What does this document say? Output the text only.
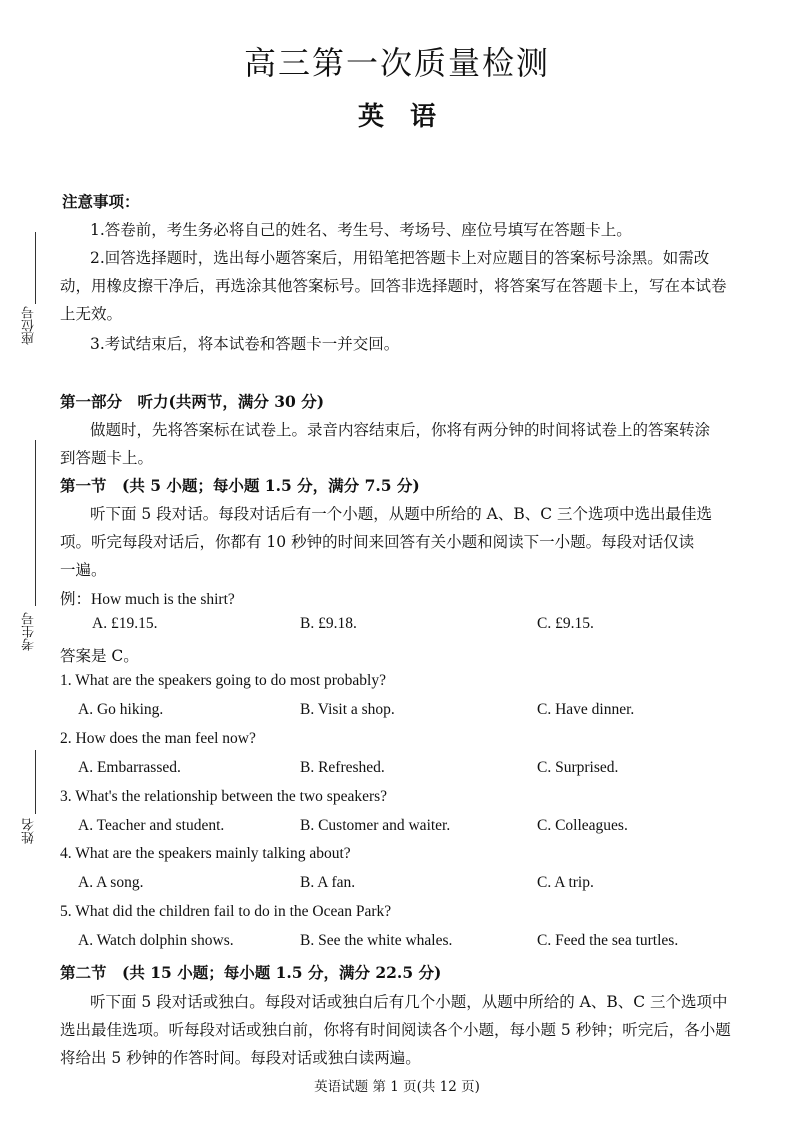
高三第一次质量检测
英语
座位号
考生号
姓名
注意事项：
1.答卷前，考生务必将自己的姓名、考生号、考场号、座位号填写在答题卡上。
2.回答选择题时，选出每小题答案后，用铅笔把答题卡上对应题目的答案标号涂黑。如需改
动，用橡皮擦干净后，再选涂其他答案标号。回答非选择题时，将答案写在答题卡上，写在本试卷
上无效。
3.考试结束后，将本试卷和答题卡一并交回。
第一部分　听力(共两节，满分 30 分)
做题时，先将答案标在试卷上。录音内容结束后，你将有两分钟的时间将试卷上的答案转涂
到答题卡上。
第一节　(共 5 小题；每小题 1.5 分，满分 7.5 分)
听下面 5 段对话。每段对话后有一个小题，从题中所给的 A、B、C 三个选项中选出最佳选
项。听完每段对话后，你都有 10 秒钟的时间来回答有关小题和阅读下一小题。每段对话仅读
一遍。
例：How much is the shirt?
A. £19.15.	B. £9.18.	C. £9.15.
答案是 C。
1. What are the speakers going to do most probably?
A. Go hiking.	B. Visit a shop.	C. Have dinner.
2. How does the man feel now?
A. Embarrassed.	B. Refreshed.	C. Surprised.
3. What's the relationship between the two speakers?
A. Teacher and student.	B. Customer and waiter.	C. Colleagues.
4. What are the speakers mainly talking about?
A. A song.	B. A fan.	C. A trip.
5. What did the children fail to do in the Ocean Park?
A. Watch dolphin shows.	B. See the white whales.	C. Feed the sea turtles.
第二节　(共 15 小题；每小题 1.5 分，满分 22.5 分)
听下面 5 段对话或独白。每段对话或独白后有几个小题，从题中所给的 A、B、C 三个选项中
选出最佳选项。听每段对话或独白前，你将有时间阅读各个小题，每小题 5 秒钟；听完后，各小题
将给出 5 秒钟的作答时间。每段对话或独白读两遍。
英语试题 第 1 页(共 12 页)
